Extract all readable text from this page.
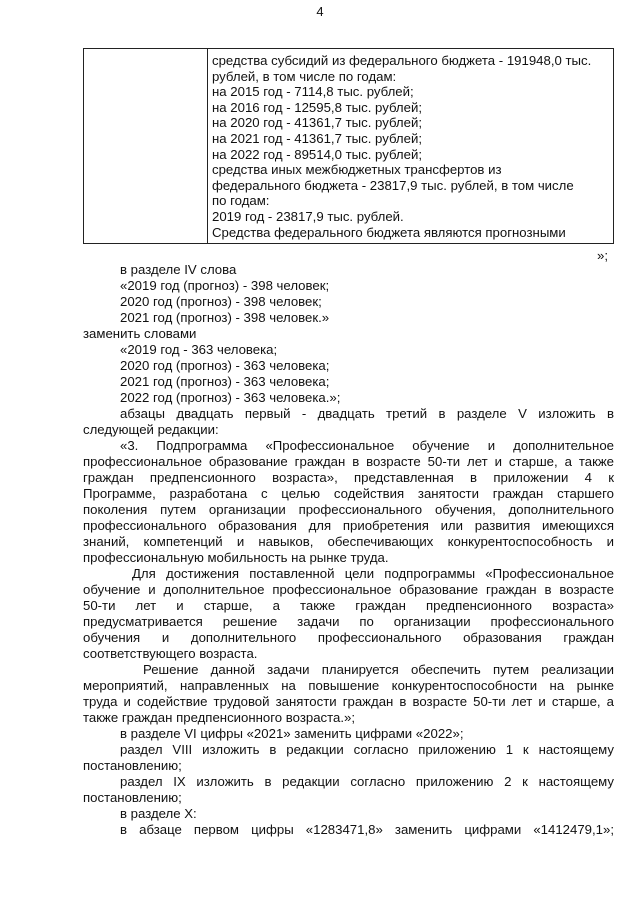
4
средства субсидий из федерального бюджета - 191948,0 тыс.
рублей, в том числе по годам:
на 2015 год - 7114,8 тыс. рублей;
на 2016 год - 12595,8 тыс. рублей;
на 2020 год - 41361,7 тыс. рублей;
на 2021 год - 41361,7 тыс. рублей;
на 2022 год - 89514,0 тыс. рублей;
средства иных межбюджетных трансфертов из
федерального бюджета - 23817,9 тыс. рублей, в том числе
по годам:
2019 год - 23817,9 тыс. рублей.
Средства федерального бюджета являются прогнозными
»;
в разделе IV слова
«2019 год (прогноз) - 398 человек;
2020 год (прогноз) - 398 человек;
2021 год (прогноз) - 398 человек.»
заменить словами
«2019 год - 363 человека;
2020 год (прогноз) - 363 человека;
2021 год (прогноз) - 363 человека;
2022 год (прогноз) - 363 человека.»;
абзацы двадцать первый - двадцать третий в разделе V изложить в
следующей редакции:
«3. Подпрограмма «Профессиональное обучение и дополнительное
профессиональное образование граждан в возрасте 50-ти лет и старше, а также
граждан предпенсионного возраста», представленная в приложении 4 к
Программе, разработана с целью содействия занятости граждан старшего
поколения путем организации профессионального обучения, дополнительного
профессионального образования для приобретения или развития имеющихся
знаний, компетенций и навыков, обеспечивающих конкурентоспособность и
профессиональную мобильность на рынке труда.
Для достижения поставленной цели подпрограммы «Профессиональное
обучение и дополнительное профессиональное образование граждан в возрасте
50-ти лет и старше, а также граждан предпенсионного возраста»
предусматривается решение задачи по организации профессионального
обучения и дополнительного профессионального образования граждан
соответствующего возраста.
Решение данной задачи планируется обеспечить путем реализации
мероприятий, направленных на повышение конкурентоспособности на рынке
труда и содействие трудовой занятости граждан в возрасте 50-ти лет и старше, а
также граждан предпенсионного возраста.»;
в разделе VI цифры «2021» заменить цифрами «2022»;
раздел VIII изложить в редакции согласно приложению 1 к настоящему
постановлению;
раздел IX изложить в редакции согласно приложению 2 к настоящему
постановлению;
в разделе X:
в абзаце первом цифры «1283471,8» заменить цифрами «1412479,1»;
